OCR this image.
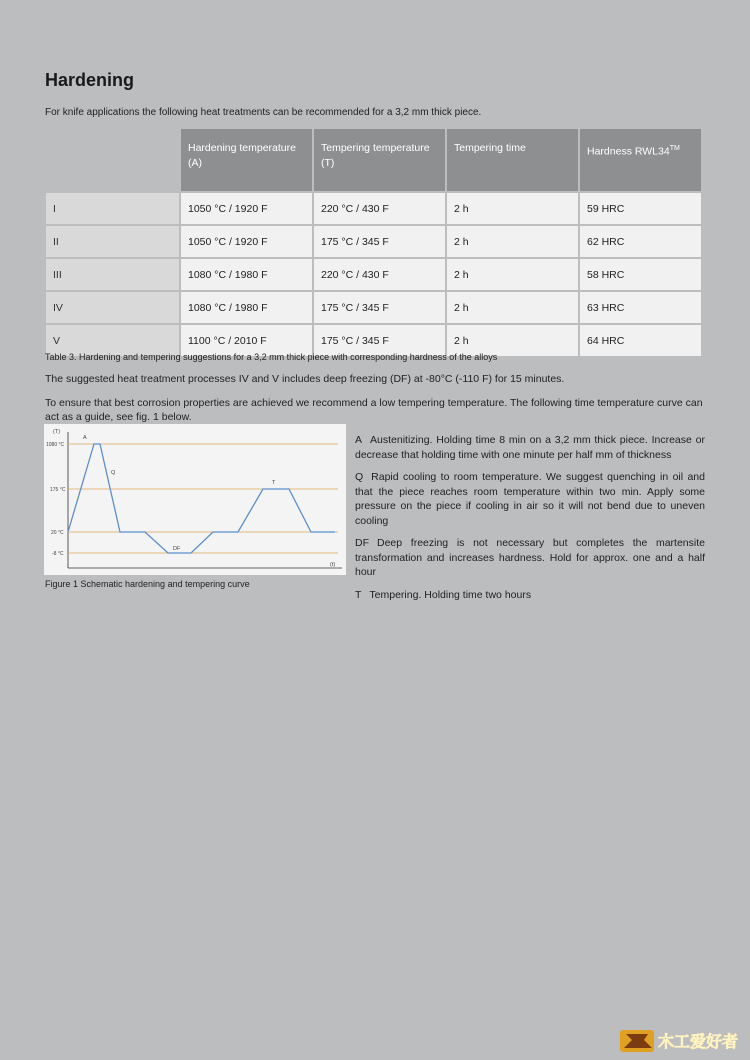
Hardening

For knife applications the following heat treatments can be recommended for a 3,2 mm thick piece.

	Hardening temperature (A)	Tempering temperature (T)	Tempering time	Hardness RWL34™
I	1050 °C / 1920 F	220 °C / 430 F	2 h	59 HRC
II	1050 °C / 1920 F	175 °C / 345 F	2 h	62 HRC
III	1080 °C / 1980 F	220 °C / 430 F	2 h	58 HRC
IV	1080 °C / 1980 F	175 °C / 345 F	2 h	63 HRC
V	1100 °C / 2010 F	175 °C / 345 F	2 h	64 HRC

Table 3. Hardening and tempering suggestions for a 3,2 mm thick piece with corresponding hardness of the alloys

The suggested heat treatment processes IV and V includes deep freezing (DF) at -80°C (-110 F) for 15 minutes.

To ensure that best corrosion properties are achieved we recommend a low tempering temperature. The following time temperature curve can act as a guide, see fig. 1 below.

(T)
(t)
1080 °C
175 °C
20 °C
-8 °C
A
Q
DF
T

Figure 1 Schematic hardening and tempering curve

A Austenitizing. Holding time 8 min on a 3,2 mm thick piece. Increase or decrease that holding time with one minute per half mm of thickness

Q Rapid cooling to room temperature. We suggest quenching in oil and that the piece reaches room temperature within two min. Apply some pressure on the piece if cooling in air so it will not bend due to uneven cooling

DF Deep freezing is not necessary but completes the martensite transformation and increases hardness. Hold for approx. one and a half hour

T Tempering. Holding time two hours

木工爱好者
